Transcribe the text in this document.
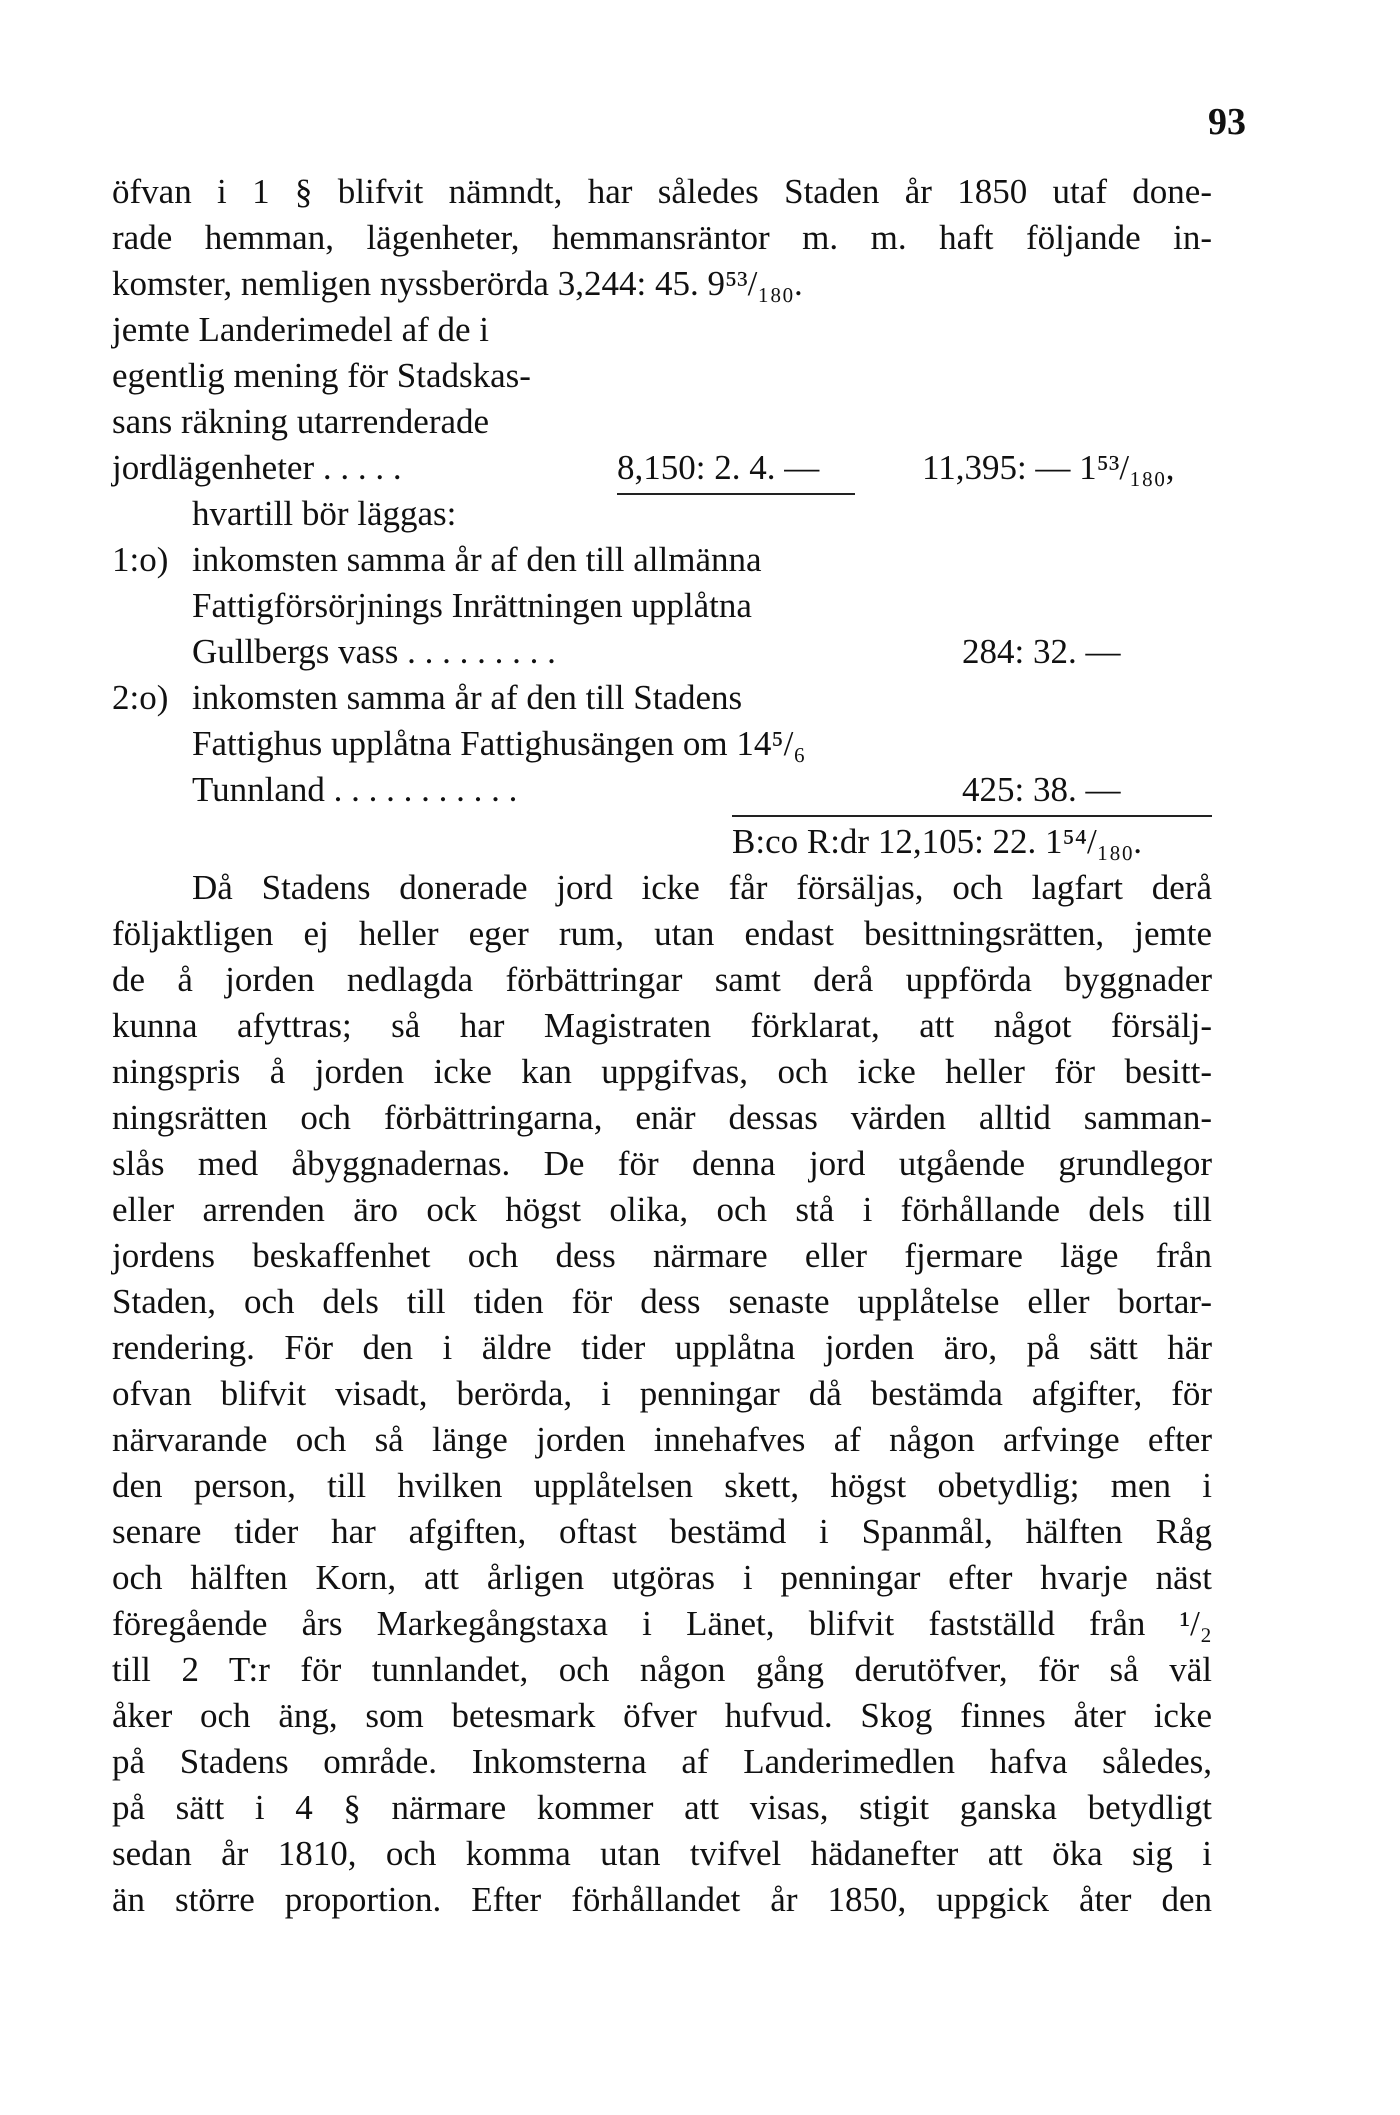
93
öfvan i 1 § blifvit nämndt, har således Staden år 1850 utaf done-
rade hemman, lägenheter, hemmansräntor m. m. haft följande in-
komster, nemligen nyssberörda 3,244: 45. 9⁵³/₁₈₀.
jemte Landerimedel af de i
egentlig mening för Stadskas-
sans räkning utarrenderade
jordlägenheter . . . . .	8,150: 2. 4. —	11,395: — 1⁵³/₁₈₀,
hvartill bör läggas:
1:o) inkomsten samma år af den till allmänna
Fattigförsörjnings Inrättningen upplåtna
Gullbergs vass . . . . . . . . .	284: 32. —
2:o) inkomsten samma år af den till Stadens
Fattighus upplåtna Fattighusängen om 14⁵/₆
Tunnland . . . . . . . . . . .	425: 38. —
B:co R:dr 12,105: 22. 1⁵⁴/₁₈₀.
Då Stadens donerade jord icke får försäljas, och lagfart derå
följaktligen ej heller eger rum, utan endast besittningsrätten, jemte
de å jorden nedlagda förbättringar samt derå uppförda byggnader
kunna afyttras; så har Magistraten förklarat, att något försälj-
ningspris å jorden icke kan uppgifvas, och icke heller för besitt-
ningsrätten och förbättringarna, enär dessas värden alltid samman-
slås med åbyggnadernas. De för denna jord utgående grundlegor
eller arrenden äro ock högst olika, och stå i förhållande dels till
jordens beskaffenhet och dess närmare eller fjermare läge från
Staden, och dels till tiden för dess senaste upplåtelse eller bortar-
rendering. För den i äldre tider upplåtna jorden äro, på sätt här
ofvan blifvit visadt, berörda, i penningar då bestämda afgifter, för
närvarande och så länge jorden innehafves af någon arfvinge efter
den person, till hvilken upplåtelsen skett, högst obetydlig; men i
senare tider har afgiften, oftast bestämd i Spanmål, hälften Råg
och hälften Korn, att årligen utgöras i penningar efter hvarje näst
föregående års Markegångstaxa i Länet, blifvit fastställd från ¹/₂
till 2 T:r för tunnlandet, och någon gång derutöfver, för så väl
åker och äng, som betesmark öfver hufvud. Skog finnes åter icke
på Stadens område. Inkomsterna af Landerimedlen hafva således,
på sätt i 4 § närmare kommer att visas, stigit ganska betydligt
sedan år 1810, och komma utan tvifvel hädanefter att öka sig i
än större proportion. Efter förhållandet år 1850, uppgick åter den
